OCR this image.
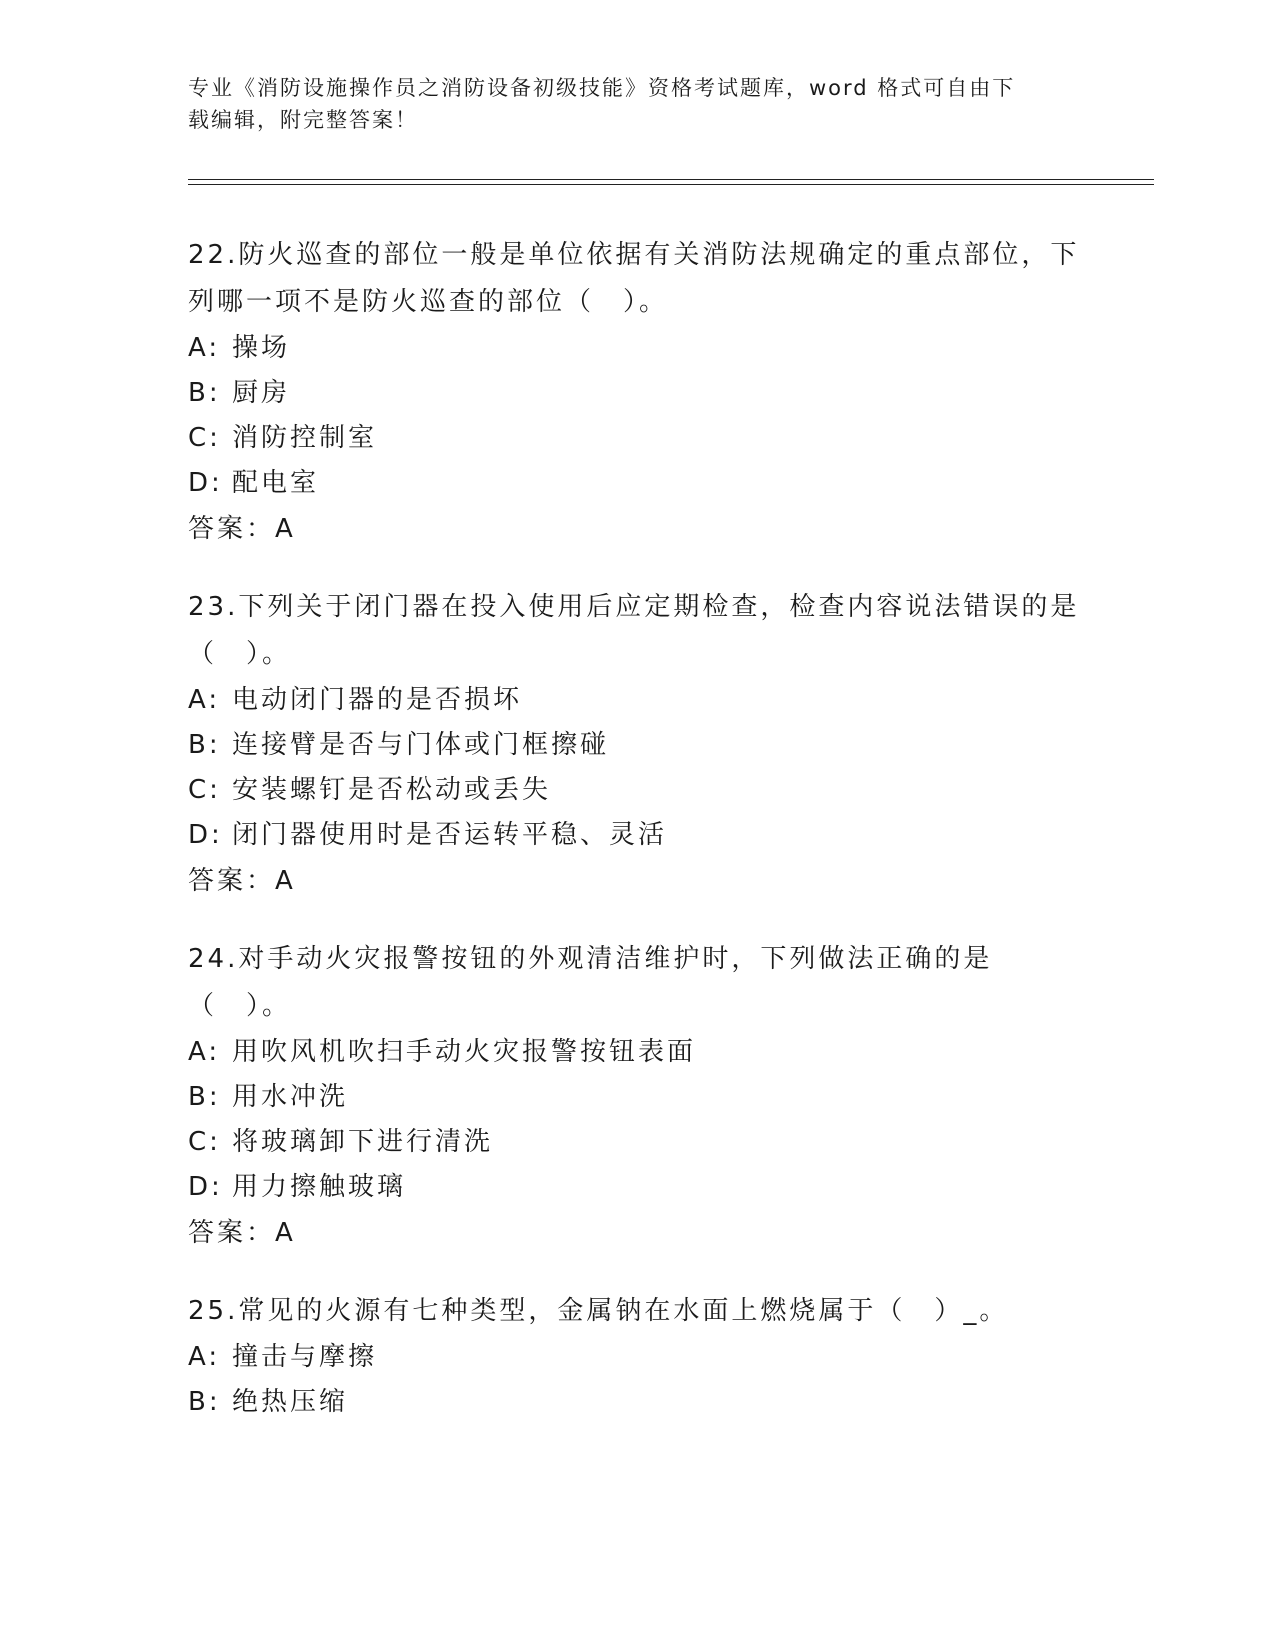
专业《消防设施操作员之消防设备初级技能》资格考试题库，word 格式可自由下
载编辑，附完整答案！

22.防火巡查的部位一般是单位依据有关消防法规确定的重点部位，下列哪一项不是防火巡查的部位（　）。

A: 操场
B: 厨房
C: 消防控制室
D: 配电室
答案：A

23.下列关于闭门器在投入使用后应定期检查，检查内容说法错误的是（　）。

A: 电动闭门器的是否损坏
B: 连接臂是否与门体或门框擦碰
C: 安装螺钉是否松动或丢失
D: 闭门器使用时是否运转平稳、灵活
答案：A

24.对手动火灾报警按钮的外观清洁维护时，下列做法正确的是（　）。

A: 用吹风机吹扫手动火灾报警按钮表面
B: 用水冲洗
C: 将玻璃卸下进行清洗
D: 用力擦触玻璃
答案：A

25.常见的火源有七种类型，金属钠在水面上燃烧属于（　）_。

A: 撞击与摩擦
B: 绝热压缩
